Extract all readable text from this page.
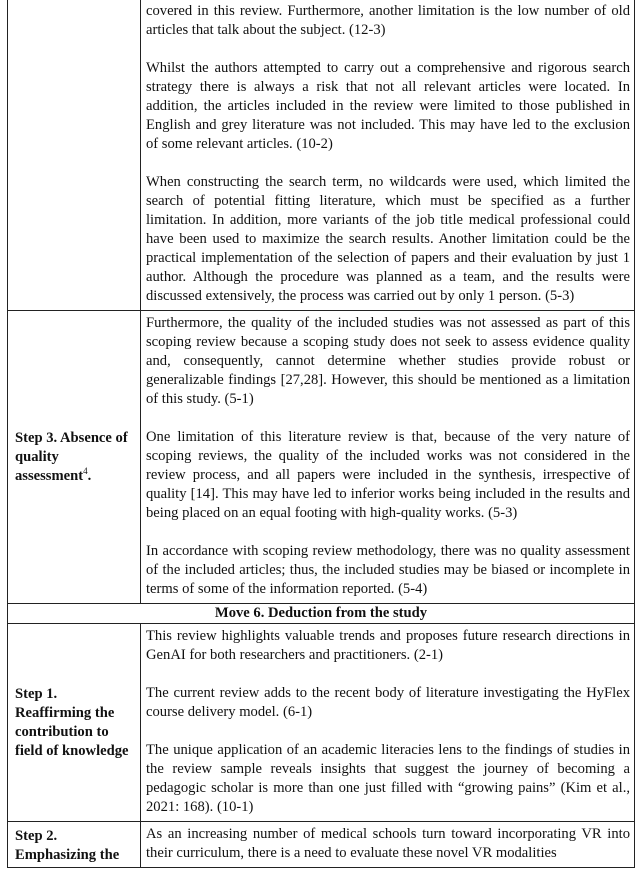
	covered in this review. Furthermore, another limitation is the low number of old articles that talk about the subject. (12-3)

Whilst the authors attempted to carry out a comprehensive and rigorous search strategy there is always a risk that not all relevant articles were located. In addition, the articles included in the review were limited to those published in English and grey literature was not included. This may have led to the exclusion of some relevant articles. (10-2)

When constructing the search term, no wildcards were used, which limited the search of potential fitting literature, which must be specified as a further limitation. In addition, more variants of the job title medical professional could have been used to maximize the search results. Another limitation could be the practical implementation of the selection of papers and their evaluation by just 1 author. Although the procedure was planned as a team, and the results were discussed extensively, the process was carried out by only 1 person. (5-3)

Step 3. Absence of quality assessment$^4$.	Furthermore, the quality of the included studies was not assessed as part of this scoping review because a scoping study does not seek to assess evidence quality and, consequently, cannot determine whether studies provide robust or generalizable findings [27,28]. However, this should be mentioned as a limitation of this study. (5-1)

One limitation of this literature review is that, because of the very nature of scoping reviews, the quality of the included works was not considered in the review process, and all papers were included in the synthesis, irrespective of quality [14]. This may have led to inferior works being included in the results and being placed on an equal footing with high-quality works. (5-3)

In accordance with scoping review methodology, there was no quality assessment of the included articles; thus, the included studies may be biased or incomplete in terms of some of the information reported. (5-4)

Move 6. Deduction from the study	

Step 1. Reaffirming the contribution to field of knowledge	This review highlights valuable trends and proposes future research directions in GenAI for both researchers and practitioners. (2-1)

The current review adds to the recent body of literature investigating the HyFlex course delivery model. (6-1)

The unique application of an academic literacies lens to the findings of studies in the review sample reveals insights that suggest the journey of becoming a pedagogic scholar is more than one just filled with “growing pains” (Kim et al., 2021: 168). (10-1)

Step 2. Emphasizing the	As an increasing number of medical schools turn toward incorporating VR into their curriculum, there is a need to evaluate these novel VR modalities
